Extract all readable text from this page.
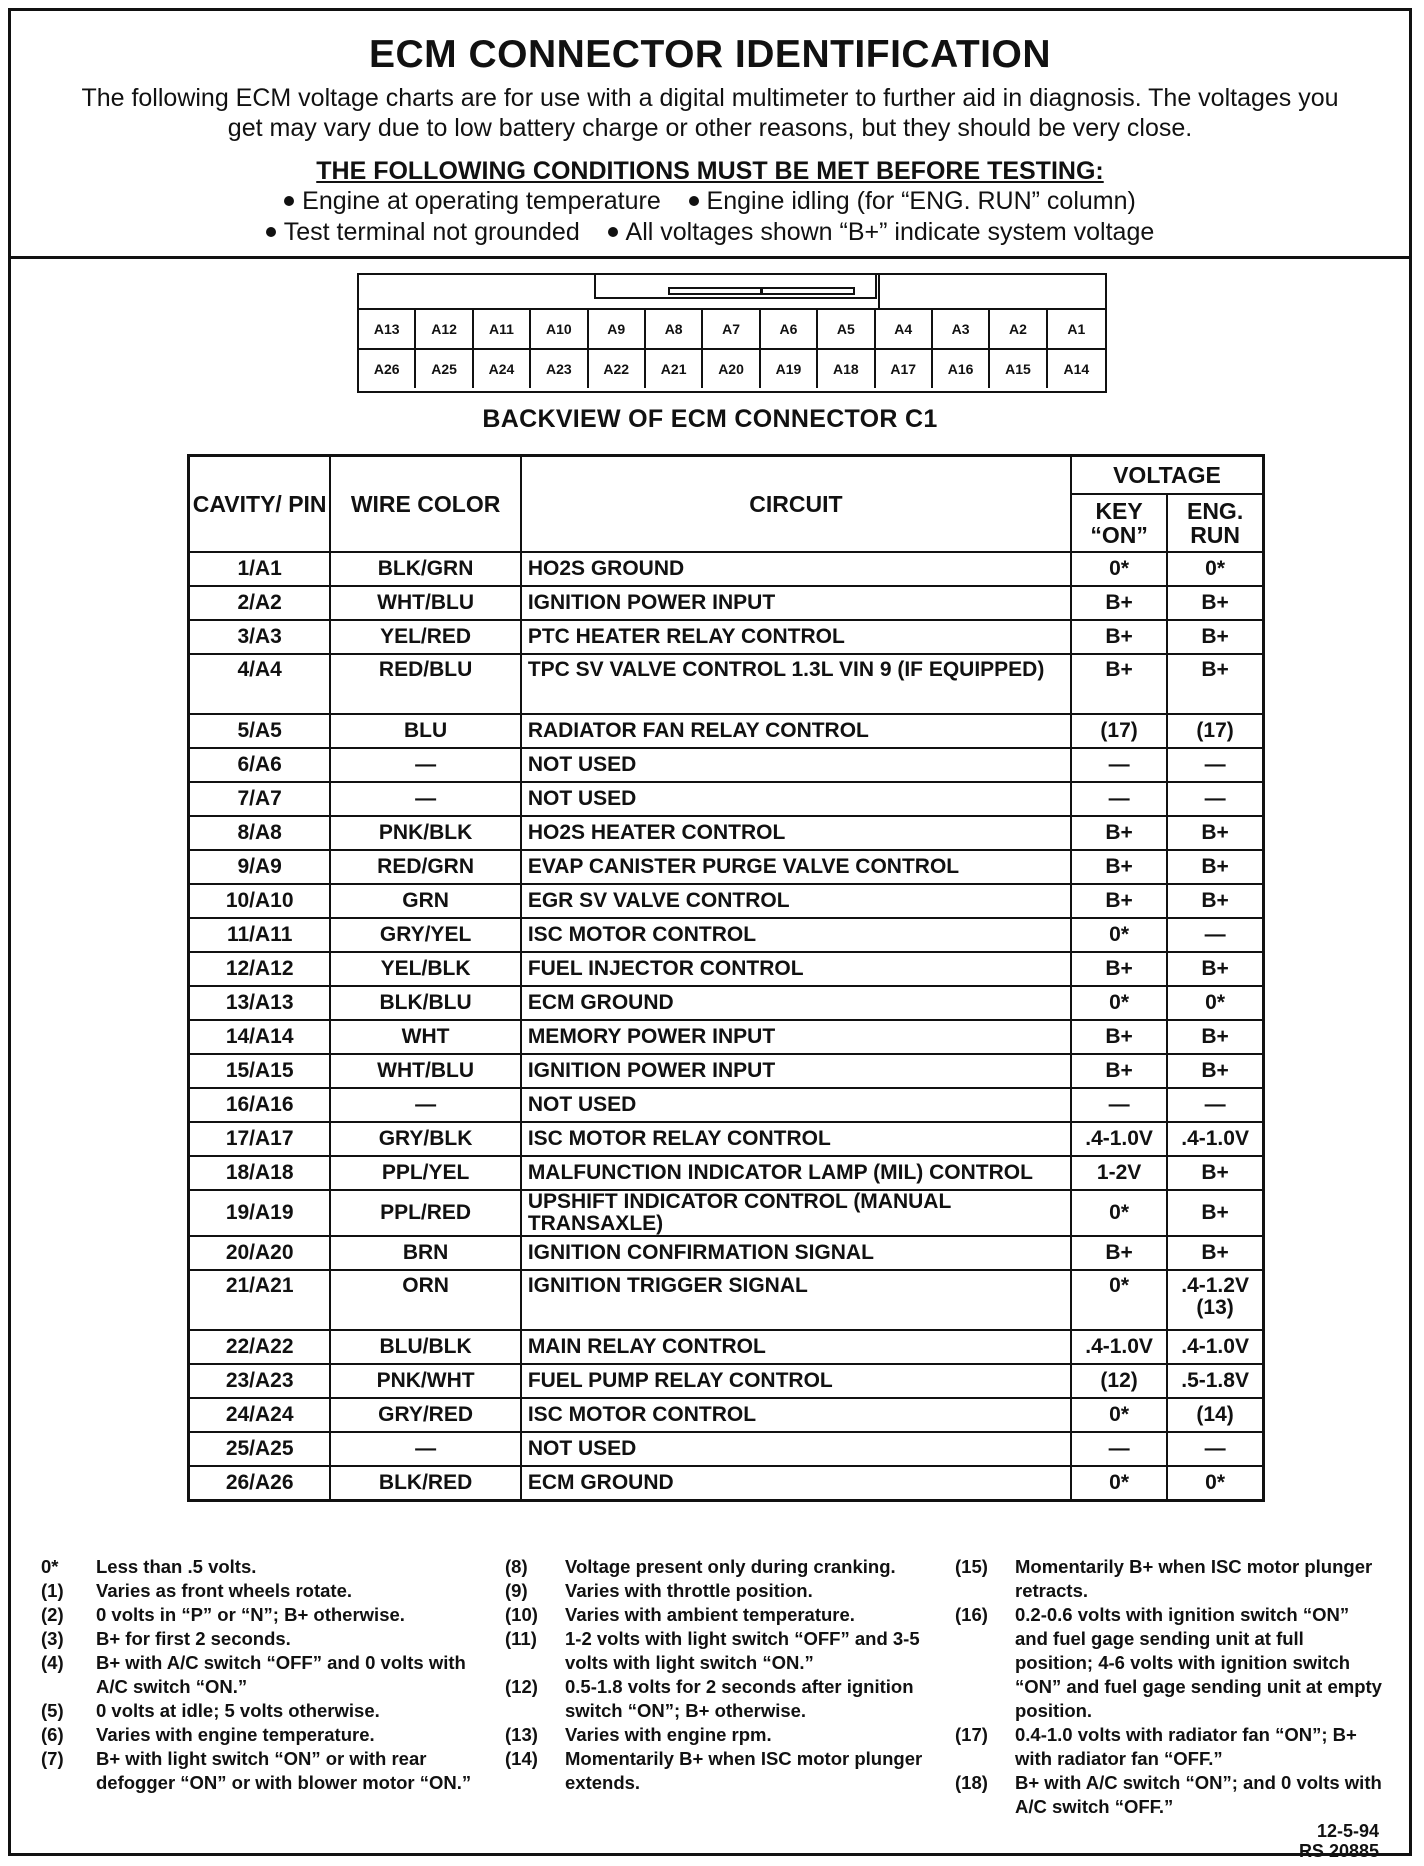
ECM CONNECTOR IDENTIFICATION
The following ECM voltage charts are for use with a digital multimeter to further aid in diagnosis. The voltages you
get may vary due to low battery charge or other reasons, but they should be very close.
THE FOLLOWING CONDITIONS MUST BE MET BEFORE TESTING:
Engine at operating temperature Engine idling (for “ENG. RUN” column)
Test terminal not grounded All voltages shown “B+” indicate system voltage
A13	A12	A11	A10	A9	A8	A7	A6	A5	A4	A3	A2	A1
A26	A25	A24	A23	A22	A21	A20	A19	A18	A17	A16	A15	A14
BACKVIEW OF ECM CONNECTOR C1
CAVITY/ PIN	WIRE COLOR	CIRCUIT	VOLTAGE	
			KEY “ON”	ENG. RUN
1/A1	BLK/GRN	HO2S GROUND	0*	0*
2/A2	WHT/BLU	IGNITION POWER INPUT	B+	B+
3/A3	YEL/RED	PTC HEATER RELAY CONTROL	B+	B+
4/A4	RED/BLU	TPC SV VALVE CONTROL 1.3L VIN 9 (IF EQUIPPED)	B+	B+
5/A5	BLU	RADIATOR FAN RELAY CONTROL	(17)	(17)
6/A6	—	NOT USED	—	—
7/A7	—	NOT USED	—	—
8/A8	PNK/BLK	HO2S HEATER CONTROL	B+	B+
9/A9	RED/GRN	EVAP CANISTER PURGE VALVE CONTROL	B+	B+
10/A10	GRN	EGR SV VALVE CONTROL	B+	B+
11/A11	GRY/YEL	ISC MOTOR CONTROL	0*	—
12/A12	YEL/BLK	FUEL INJECTOR CONTROL	B+	B+
13/A13	BLK/BLU	ECM GROUND	0*	0*
14/A14	WHT	MEMORY POWER INPUT	B+	B+
15/A15	WHT/BLU	IGNITION POWER INPUT	B+	B+
16/A16	—	NOT USED	—	—
17/A17	GRY/BLK	ISC MOTOR RELAY CONTROL	.4-1.0V	.4-1.0V
18/A18	PPL/YEL	MALFUNCTION INDICATOR LAMP (MIL) CONTROL	1-2V	B+
19/A19	PPL/RED	UPSHIFT INDICATOR CONTROL (MANUAL TRANSAXLE)	0*	B+
20/A20	BRN	IGNITION CONFIRMATION SIGNAL	B+	B+
21/A21	ORN	IGNITION TRIGGER SIGNAL	0*	.4-1.2V (13)
22/A22	BLU/BLK	MAIN RELAY CONTROL	.4-1.0V	.4-1.0V
23/A23	PNK/WHT	FUEL PUMP RELAY CONTROL	(12)	.5-1.8V
24/A24	GRY/RED	ISC MOTOR CONTROL	0*	(14)
25/A25	—	NOT USED	—	—
26/A26	BLK/RED	ECM GROUND	0*	0*
0*	Less than .5 volts.
(1)	Varies as front wheels rotate.
(2)	0 volts in “P” or “N”; B+ otherwise.
(3)	B+ for first 2 seconds.
(4)	B+ with A/C switch “OFF” and 0 volts with A/C switch “ON.”
(5)	0 volts at idle; 5 volts otherwise.
(6)	Varies with engine temperature.
(7)	B+ with light switch “ON” or with rear defogger “ON” or with blower motor “ON.”
(8)	Voltage present only during cranking.
(9)	Varies with throttle position.
(10)	Varies with ambient temperature.
(11)	1-2 volts with light switch “OFF” and 3-5 volts with light switch “ON.”
(12)	0.5-1.8 volts for 2 seconds after ignition switch “ON”; B+ otherwise.
(13)	Varies with engine rpm.
(14)	Momentarily B+ when ISC motor plunger extends.
(15)	Momentarily B+ when ISC motor plunger retracts.
(16)	0.2-0.6 volts with ignition switch “ON” and fuel gage sending unit at full position; 4-6 volts with ignition switch “ON” and fuel gage sending unit at empty position.
(17)	0.4-1.0 volts with radiator fan “ON”; B+ with radiator fan “OFF.”
(18)	B+ with A/C switch “ON”; and 0 volts with A/C switch “OFF.”
12-5-94
RS 20885
